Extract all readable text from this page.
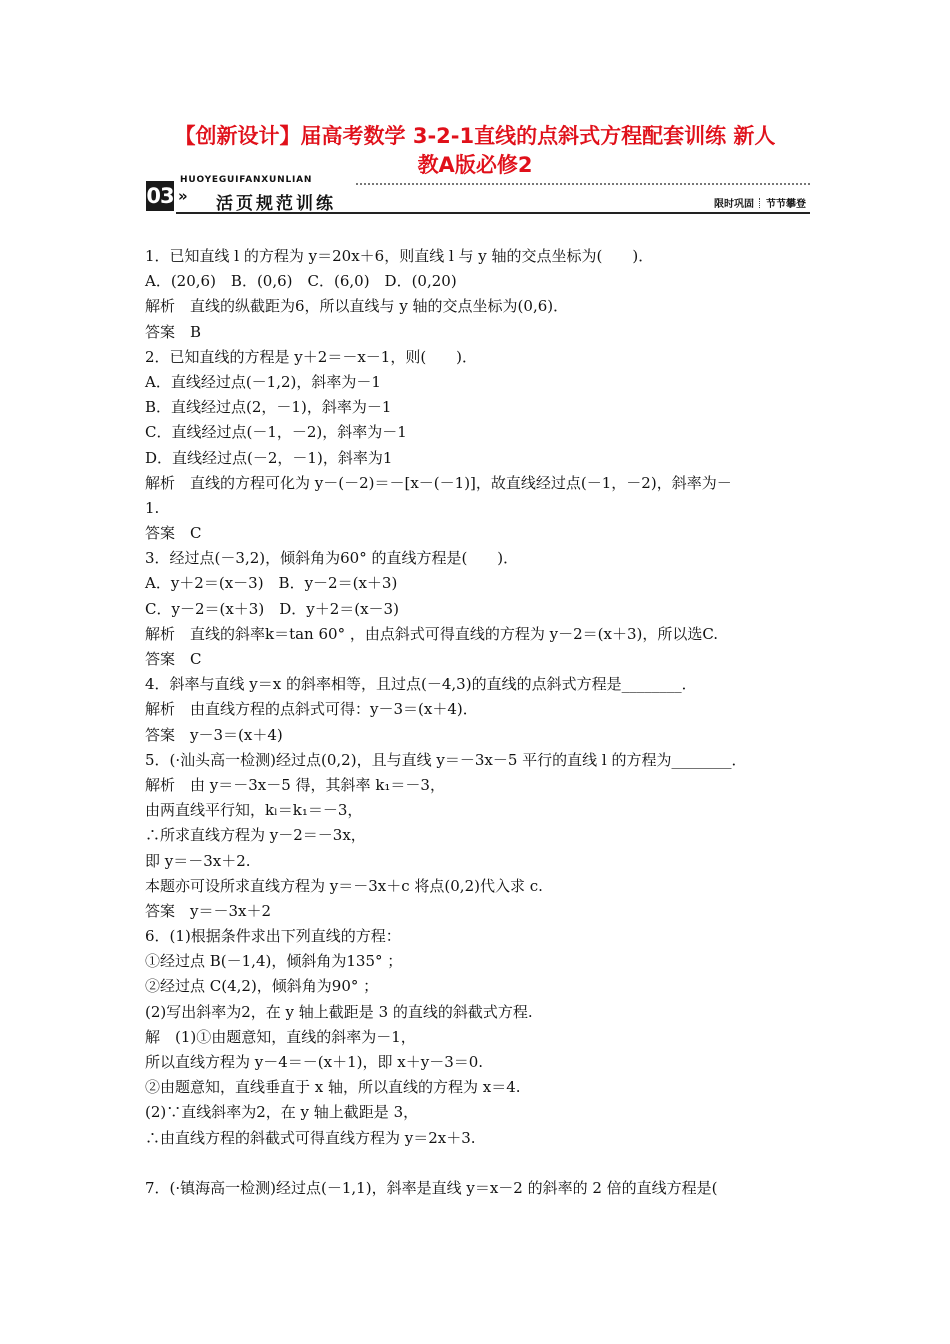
【创新设计】届高考数学 3-2-1直线的点斜式方程配套训练 新人
教A版必修2
03
HUOYEGUIFANXUNLIAN
» 活页规范训练	限时巩固 节节攀登
1．已知直线 l 的方程为 y＝20x＋6，则直线 l 与 y 轴的交点坐标为(　　)．
A．(20,6)　B．(0,6)　C．(6,0)　D．(0,20)
解析　直线的纵截距为6，所以直线与 y 轴的交点坐标为(0,6)．
答案　B
2．已知直线的方程是 y＋2＝－x－1，则(　　)．
A．直线经过点(－1,2)，斜率为－1
B．直线经过点(2，－1)，斜率为－1
C．直线经过点(－1，－2)，斜率为－1
D．直线经过点(－2，－1)，斜率为1
解析　直线的方程可化为 y－(－2)＝－[x－(－1)]，故直线经过点(－1，－2)，斜率为－
1.
答案　C
3．经过点(－3,2)，倾斜角为60° 的直线方程是(　　)．
A．y＋2＝(x－3)　B．y－2＝(x＋3)
C．y－2＝(x＋3)　D．y＋2＝(x－3)
解析　直线的斜率k＝tan 60° ，由点斜式可得直线的方程为 y－2＝(x＋3)，所以选C.
答案　C
4．斜率与直线 y＝x 的斜率相等，且过点(－4,3)的直线的点斜式方程是________．
解析　由直线方程的点斜式可得：y－3＝(x＋4)．
答案　y－3＝(x＋4)
5．(·汕头高一检测)经过点(0,2)，且与直线 y＝－3x－5 平行的直线 l 的方程为________．
解析　由 y＝－3x－5 得，其斜率 k₁＝－3，
由两直线平行知，kₗ＝k₁＝－3，
∴所求直线方程为 y－2＝－3x，
即 y＝－3x＋2.
本题亦可设所求直线方程为 y＝－3x＋c 将点(0,2)代入求 c.
答案　y＝－3x＋2
6．(1)根据条件求出下列直线的方程：
①经过点 B(－1,4)，倾斜角为135° ；
②经过点 C(4,2)，倾斜角为90° ；
(2)写出斜率为2，在 y 轴上截距是 3 的直线的斜截式方程.
解　(1)①由题意知，直线的斜率为－1，
所以直线方程为 y－4＝－(x＋1)，即 x＋y－3＝0.
②由题意知，直线垂直于 x 轴，所以直线的方程为 x＝4.
(2)∵直线斜率为2，在 y 轴上截距是 3，
∴由直线方程的斜截式可得直线方程为 y＝2x＋3.
7．(·镇海高一检测)经过点(－1,1)，斜率是直线 y＝x－2 的斜率的 2 倍的直线方程是(
